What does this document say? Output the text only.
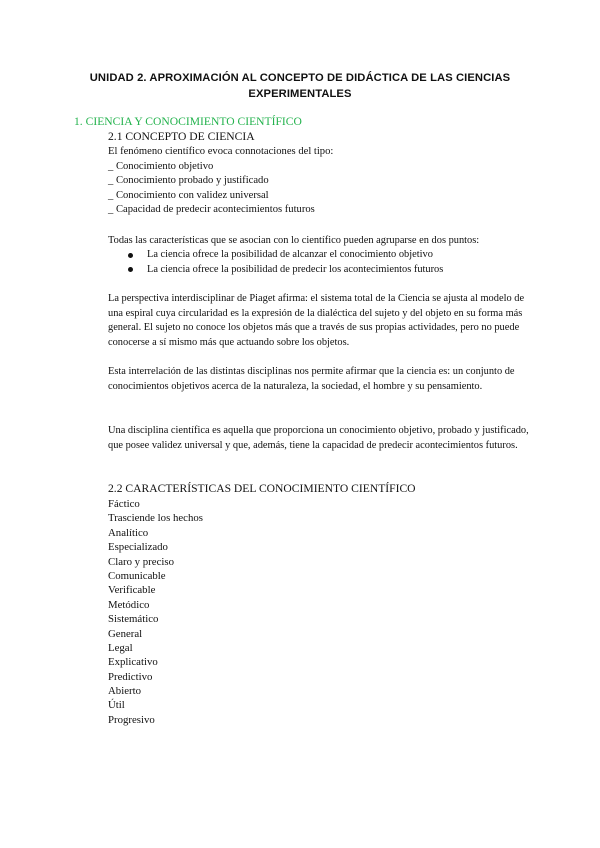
UNIDAD 2. APROXIMACIÓN AL CONCEPTO DE DIDÁCTICA DE LAS CIENCIAS
EXPERIMENTALES
1. CIENCIA Y CONOCIMIENTO CIENTÍFICO
2.1 CONCEPTO DE CIENCIA
El fenómeno científico evoca connotaciones del tipo:
_ Conocimiento objetivo
_ Conocimiento probado y justificado
_ Conocimiento con validez universal
_ Capacidad de predecir acontecimientos futuros

Todas las características que se asocian con lo científico pueden agruparse en dos puntos:

La ciencia ofrece la posibilidad de alcanzar el conocimiento objetivo
La ciencia ofrece la posibilidad de predecir los acontecimientos futuros

La perspectiva interdisciplinar de Piaget afirma: el sistema total de la Ciencia se ajusta al modelo de una espiral cuya circularidad es la expresión de la dialéctica del sujeto y del objeto en su forma más general. El sujeto no conoce los objetos más que a través de sus propias actividades, pero no puede conocerse a sí mismo más que actuando sobre los objetos.

Esta interrelación de las distintas disciplinas nos permite afirmar que la ciencia es: un conjunto de conocimientos objetivos acerca de la naturaleza, la sociedad, el hombre y su pensamiento.

Una disciplina científica es aquella que proporciona un conocimiento objetivo, probado y justificado, que posee validez universal y que, además, tiene la capacidad de predecir acontecimientos futuros.

2.2 CARACTERÍSTICAS DEL CONOCIMIENTO CIENTÍFICO
Fáctico
Trasciende los hechos
Analítico
Especializado
Claro y preciso
Comunicable
Verificable
Metódico
Sistemático
General
Legal
Explicativo
Predictivo
Abierto
Útil
Progresivo
